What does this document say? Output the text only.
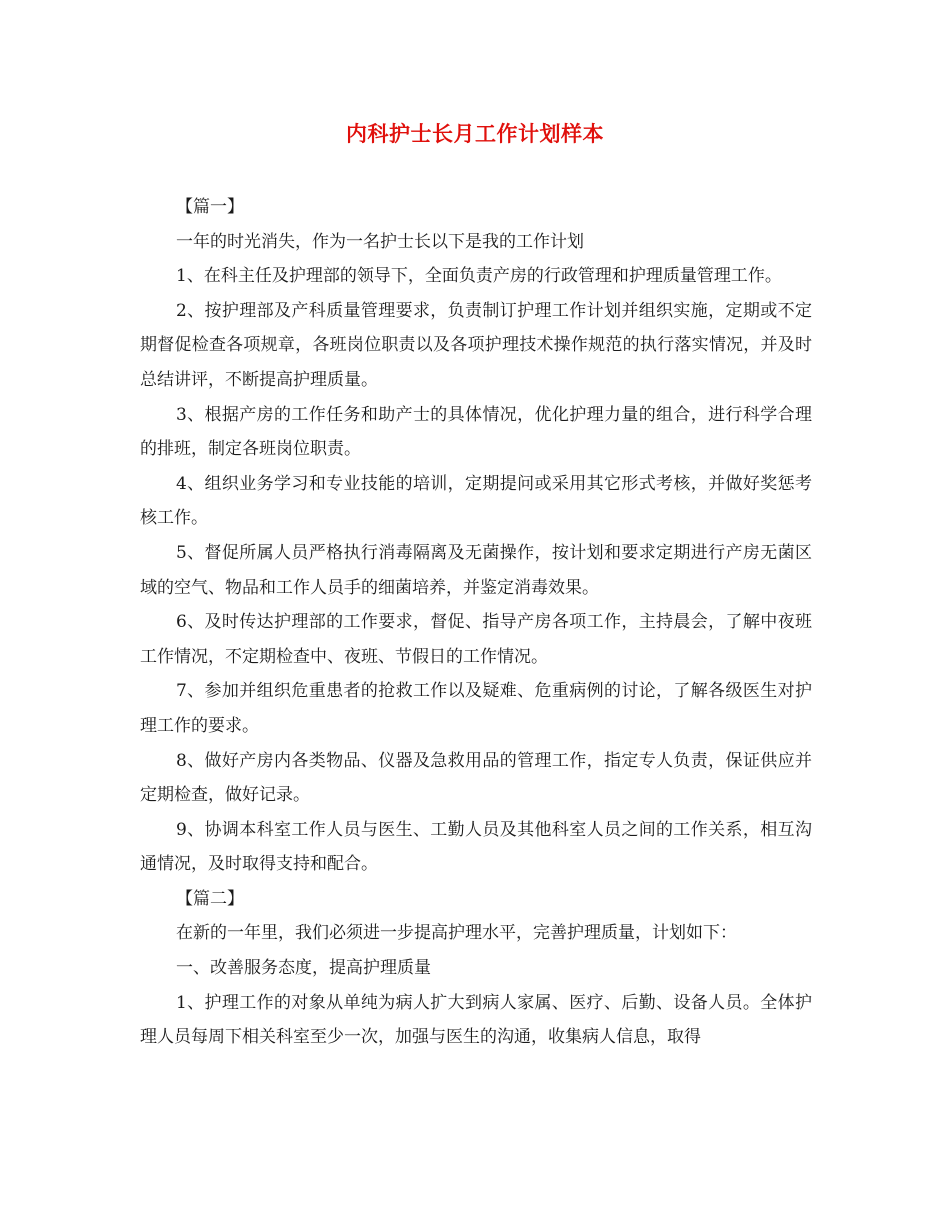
内科护士长月工作计划样本

【篇一】

一年的时光消失，作为一名护士长以下是我的工作计划

1、在科主任及护理部的领导下，全面负责产房的行政管理和护理质量管理工作。

2、按护理部及产科质量管理要求，负责制订护理工作计划并组织实施，定期或不定期督促检查各项规章，各班岗位职责以及各项护理技术操作规范的执行落实情况，并及时总结讲评，不断提高护理质量。

3、根据产房的工作任务和助产士的具体情况，优化护理力量的组合，进行科学合理的排班，制定各班岗位职责。

4、组织业务学习和专业技能的培训，定期提问或采用其它形式考核，并做好奖惩考核工作。

5、督促所属人员严格执行消毒隔离及无菌操作，按计划和要求定期进行产房无菌区域的空气、物品和工作人员手的细菌培养，并鉴定消毒效果。

6、及时传达护理部的工作要求，督促、指导产房各项工作，主持晨会，了解中夜班工作情况，不定期检查中、夜班、节假日的工作情况。

7、参加并组织危重患者的抢救工作以及疑难、危重病例的讨论，了解各级医生对护理工作的要求。

8、做好产房内各类物品、仪器及急救用品的管理工作，指定专人负责，保证供应并定期检查，做好记录。

9、协调本科室工作人员与医生、工勤人员及其他科室人员之间的工作关系，相互沟通情况，及时取得支持和配合。

【篇二】

在新的一年里，我们必须进一步提高护理水平，完善护理质量，计划如下：

一、改善服务态度，提高护理质量

1、护理工作的对象从单纯为病人扩大到病人家属、医疗、后勤、设备人员。全体护理人员每周下相关科室至少一次，加强与医生的沟通，收集病人信息，取得
